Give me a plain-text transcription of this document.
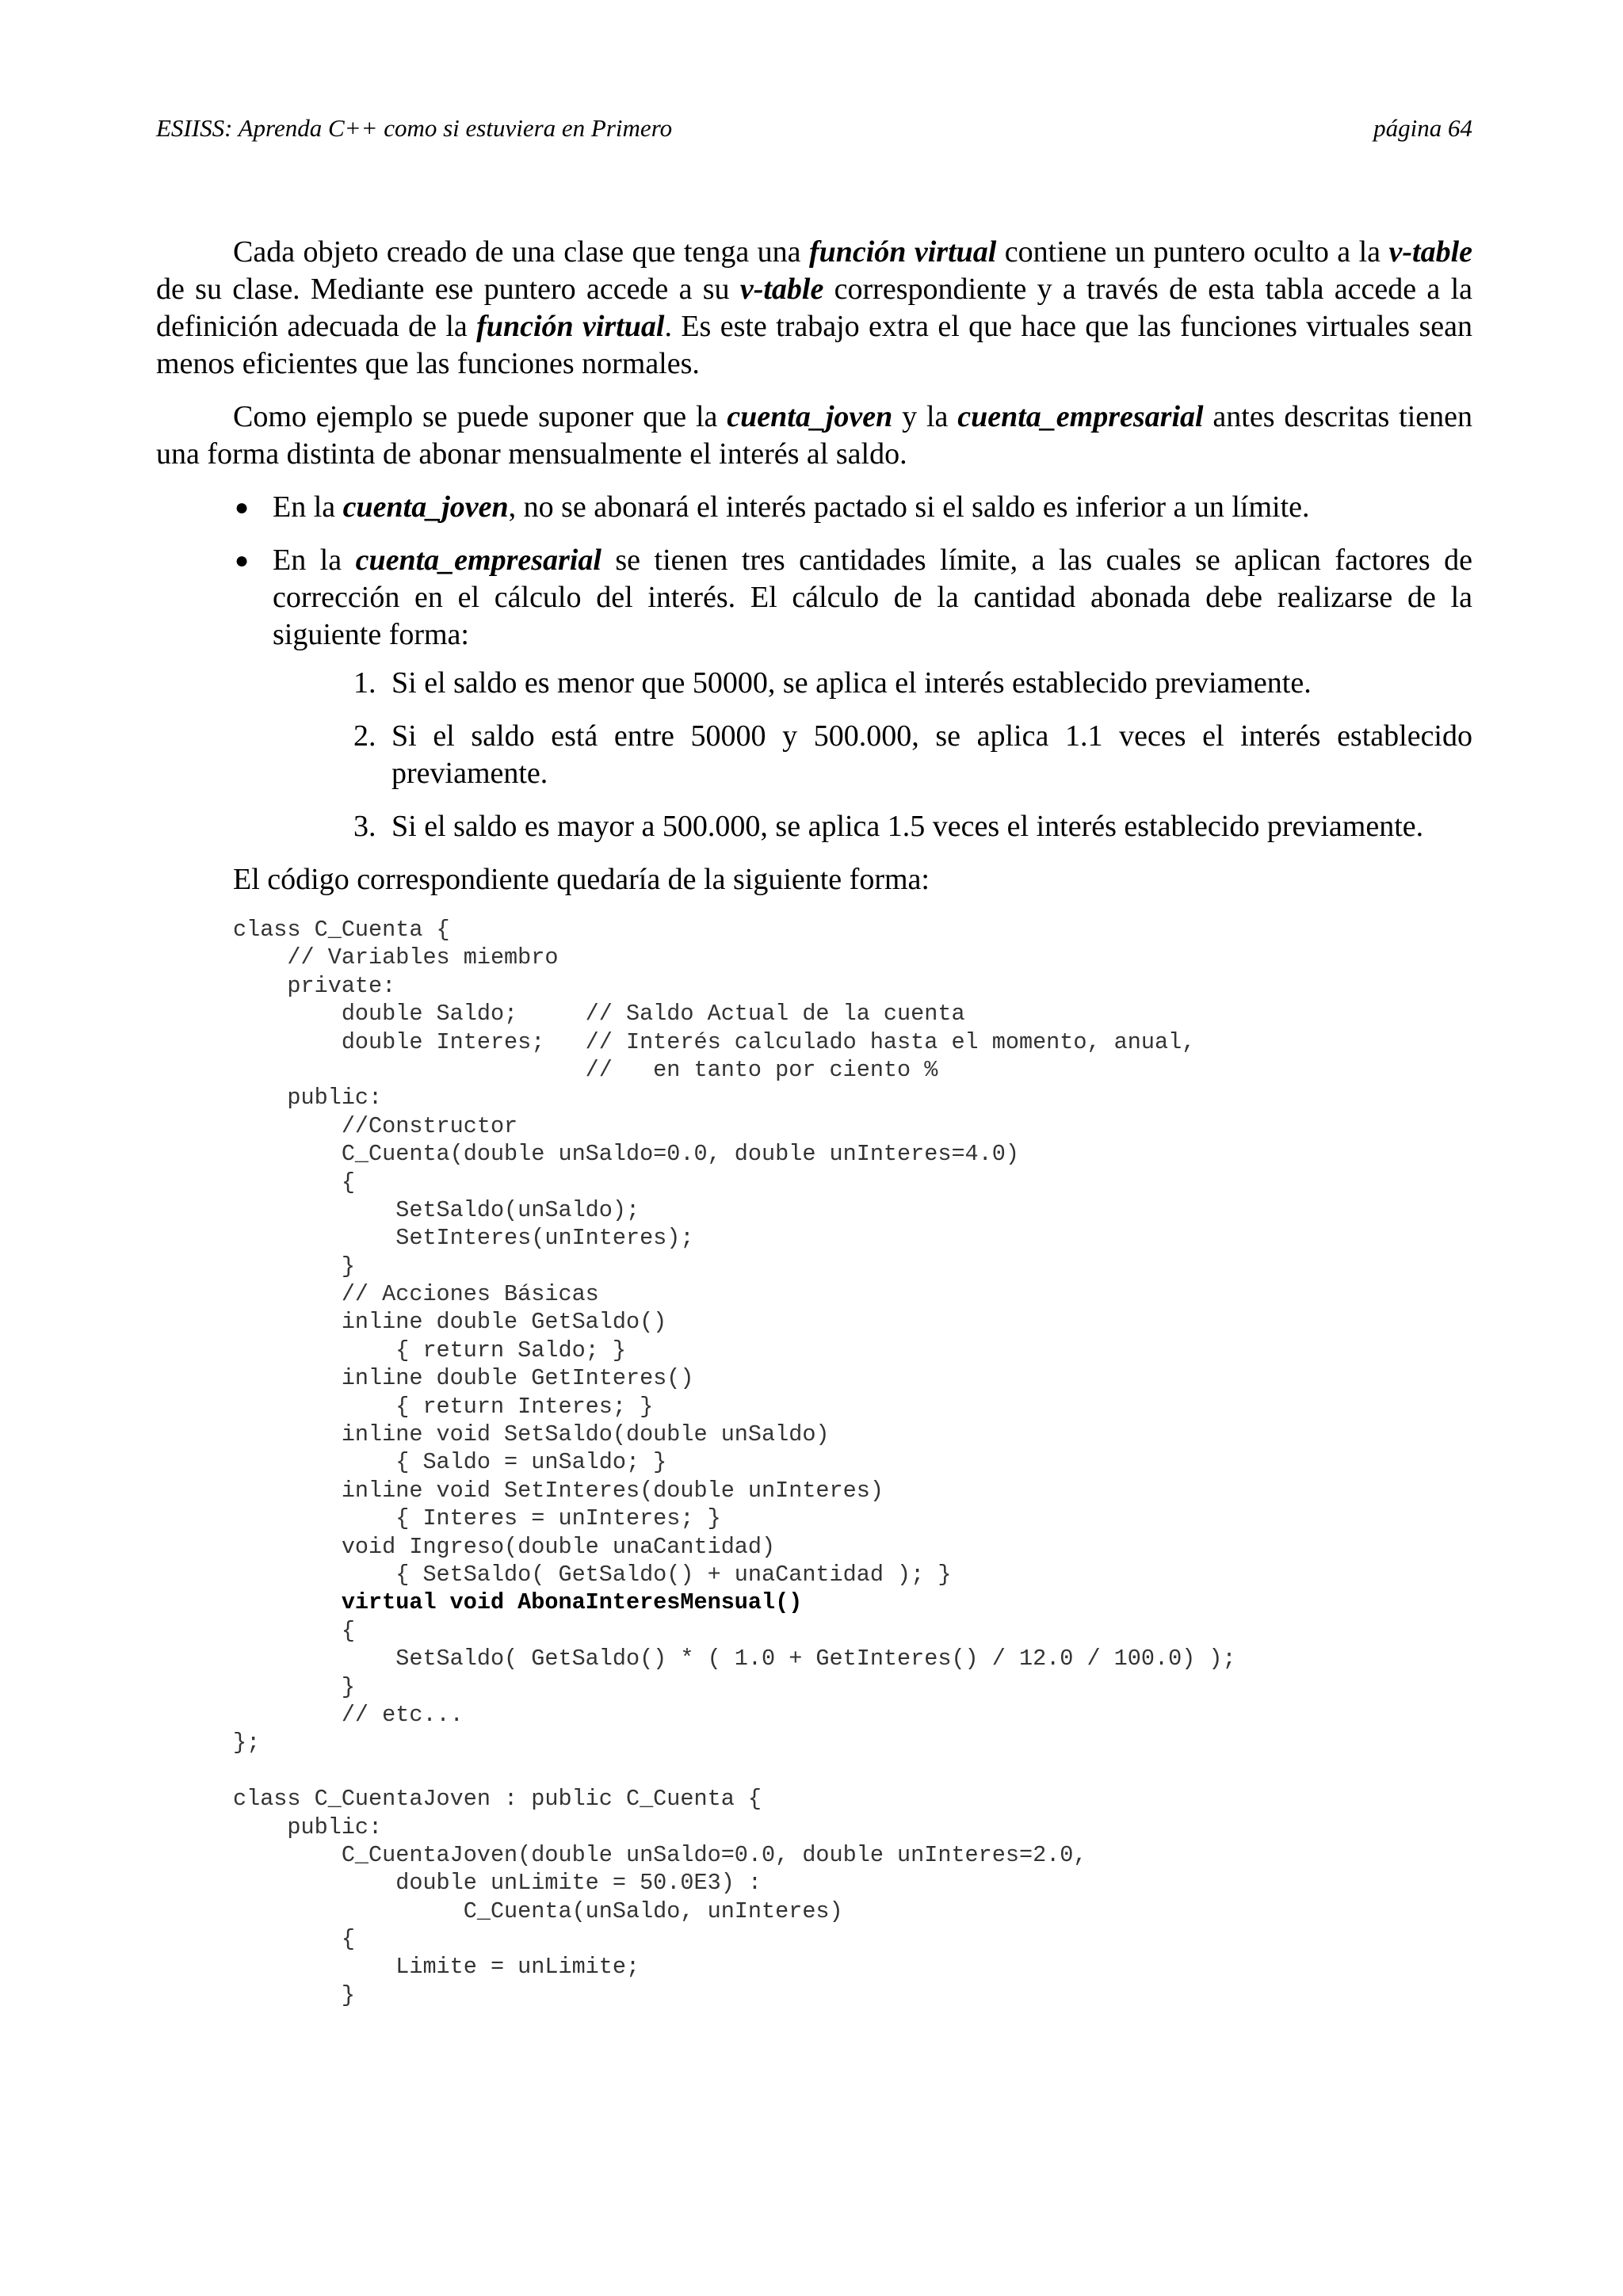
ESIISS: Aprenda C++ como si estuviera en Primero	página 64

Cada objeto creado de una clase que tenga una función virtual contiene un puntero oculto a la v-table de su clase. Mediante ese puntero accede a su v-table correspondiente y a través de esta tabla accede a la definición adecuada de la función virtual. Es este trabajo extra el que hace que las funciones virtuales sean menos eficientes que las funciones normales.

Como ejemplo se puede suponer que la cuenta_joven y la cuenta_empresarial antes descritas tienen una forma distinta de abonar mensualmente el interés al saldo.

● En la cuenta_joven, no se abonará el interés pactado si el saldo es inferior a un límite.
● En la cuenta_empresarial se tienen tres cantidades límite, a las cuales se aplican factores de corrección en el cálculo del interés. El cálculo de la cantidad abonada debe realizarse de la siguiente forma:
1. Si el saldo es menor que 50000, se aplica el interés establecido previamente.
2. Si el saldo está entre 50000 y 500.000, se aplica 1.1 veces el interés establecido previamente.
3. Si el saldo es mayor a 500.000, se aplica 1.5 veces el interés establecido previamente.

El código correspondiente quedaría de la siguiente forma:

class C_Cuenta {
// Variables miembro
private:
double Saldo;     // Saldo Actual de la cuenta
double Interes;   // Interés calculado hasta el momento, anual,
//   en tanto por ciento %
public:
//Constructor
C_Cuenta(double unSaldo=0.0, double unInteres=4.0)
{
SetSaldo(unSaldo);
SetInteres(unInteres);
}
// Acciones Básicas
inline double GetSaldo()
{ return Saldo; }
inline double GetInteres()
{ return Interes; }
inline void SetSaldo(double unSaldo)
{ Saldo = unSaldo; }
inline void SetInteres(double unInteres)
{ Interes = unInteres; }
void Ingreso(double unaCantidad)
{ SetSaldo( GetSaldo() + unaCantidad ); }
virtual void AbonaInteresMensual()
{
SetSaldo( GetSaldo() * ( 1.0 + GetInteres() / 12.0 / 100.0) );
}
// etc...
};
class C_CuentaJoven : public C_Cuenta {
public:
C_CuentaJoven(double unSaldo=0.0, double unInteres=2.0,
double unLimite = 50.0E3) :
C_Cuenta(unSaldo, unInteres)
{
Limite = unLimite;
}
